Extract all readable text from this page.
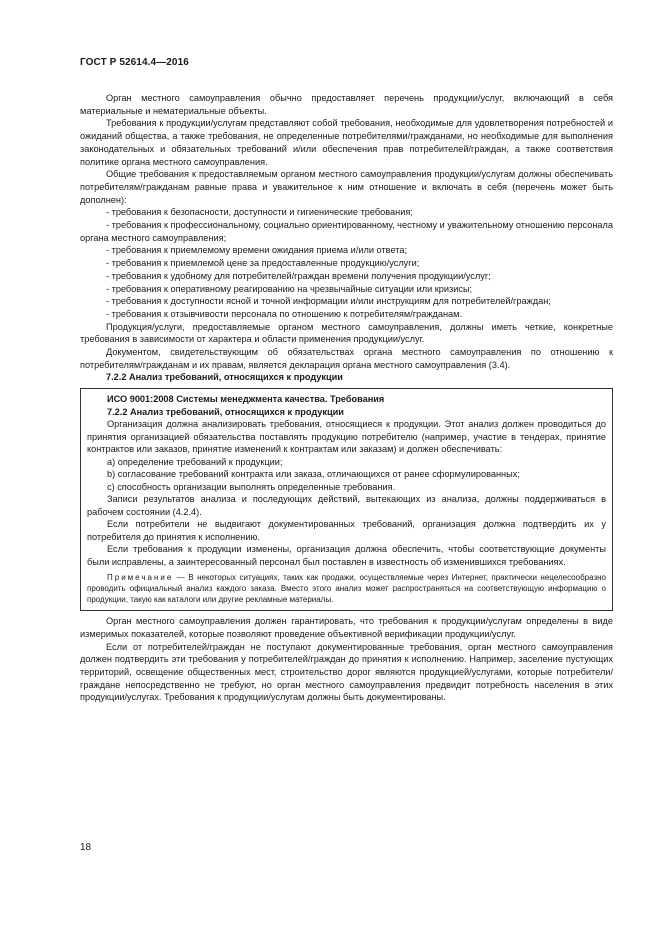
ГОСТ Р 52614.4—2016

Орган местного самоуправления обычно предоставляет перечень продукции/услуг, включающий в себя материальные и нематериальные объекты.

Требования к продукции/услугам представляют собой требования, необходимые для удовлетворения потребностей и ожиданий общества, а также требования, не определенные потребителями/гражданами, но необходимые для выполнения законодательных и обязательных требований и/или обеспечения прав потребителей/граждан, а также соответствия политике органа местного самоуправления.

Общие требования к предоставляемым органом местного самоуправления продукции/услугам должны обеспечивать потребителям/гражданам равные права и уважительное к ним отношение и включать в себя (перечень может быть дополнен):

- требования к безопасности, доступности и гигиенические требования;

- требования к профессиональному, социально ориентированному, честному и уважительному отношению персонала органа местного самоуправления;

- требования к приемлемому времени ожидания приема и/или ответа;

- требования к приемлемой цене за предоставленные продукцию/услуги;

- требования к удобному для потребителей/граждан времени получения продукции/услуг;

- требования к оперативному реагированию на чрезвычайные ситуации или кризисы;

- требования к доступности ясной и точной информации и/или инструкциям для потребителей/граждан;

- требования к отзывчивости персонала по отношению к потребителям/гражданам.

Продукция/услуги, предоставляемые органом местного самоуправления, должны иметь четкие, конкретные требования в зависимости от характера и области применения продукции/услуг.

Документом, свидетельствующим об обязательствах органа местного самоуправления по отношению к потребителям/гражданам и их правам, является декларация органа местного самоуправления (3.4).

7.2.2 Анализ требований, относящихся к продукции
ИСО 9001:2008 Системы менеджмента качества. Требования
7.2.2 Анализ требований, относящихся к продукции

Организация должна анализировать требования, относящиеся к продукции. Этот анализ должен проводиться до принятия организацией обязательства поставлять продукцию потребителю (например, участие в тендерах, принятие контрактов или заказов, принятие изменений к контрактам или заказам) и должен обеспечивать:

а) определение требований к продукции;

b) согласование требований контракта или заказа, отличающихся от ранее сформулированных;

c) способность организации выполнять определенные требования.

Записи результатов анализа и последующих действий, вытекающих из анализа, должны поддерживаться в рабочем состоянии (4.2.4).

Если потребители не выдвигают документированных требований, организация должна подтвердить их у потребителя до принятия к исполнению.

Если требования к продукции изменены, организация должна обеспечить, чтобы соответствующие документы были исправлены, а заинтересованный персонал был поставлен в известность об изменившихся требованиях.

Примечание — В некоторых ситуациях, таких как продажи, осуществляемые через Интернет, практически нецелесообразно проводить официальный анализ каждого заказа. Вместо этого анализ может распространяться на соответствующую информацию о продукции, такую как каталоги или другие рекламные материалы.

Орган местного самоуправления должен гарантировать, что требования к продукции/услугам определены в виде измеримых показателей, которые позволяют проведение объективной верификации продукции/услуг.

Если от потребителей/граждан не поступают документированные требования, орган местного самоуправления должен подтвердить эти требования у потребителей/граждан до принятия к исполнению. Например, заселение пустующих территорий, освещение общественных мест, строительство дорог являются продукцией/услугами, которые потребители/граждане непосредственно не требуют, но орган местного самоуправления предвидит потребность населения в этих продукции/услугах. Требования к продукции/услугам должны быть документированы.

18
